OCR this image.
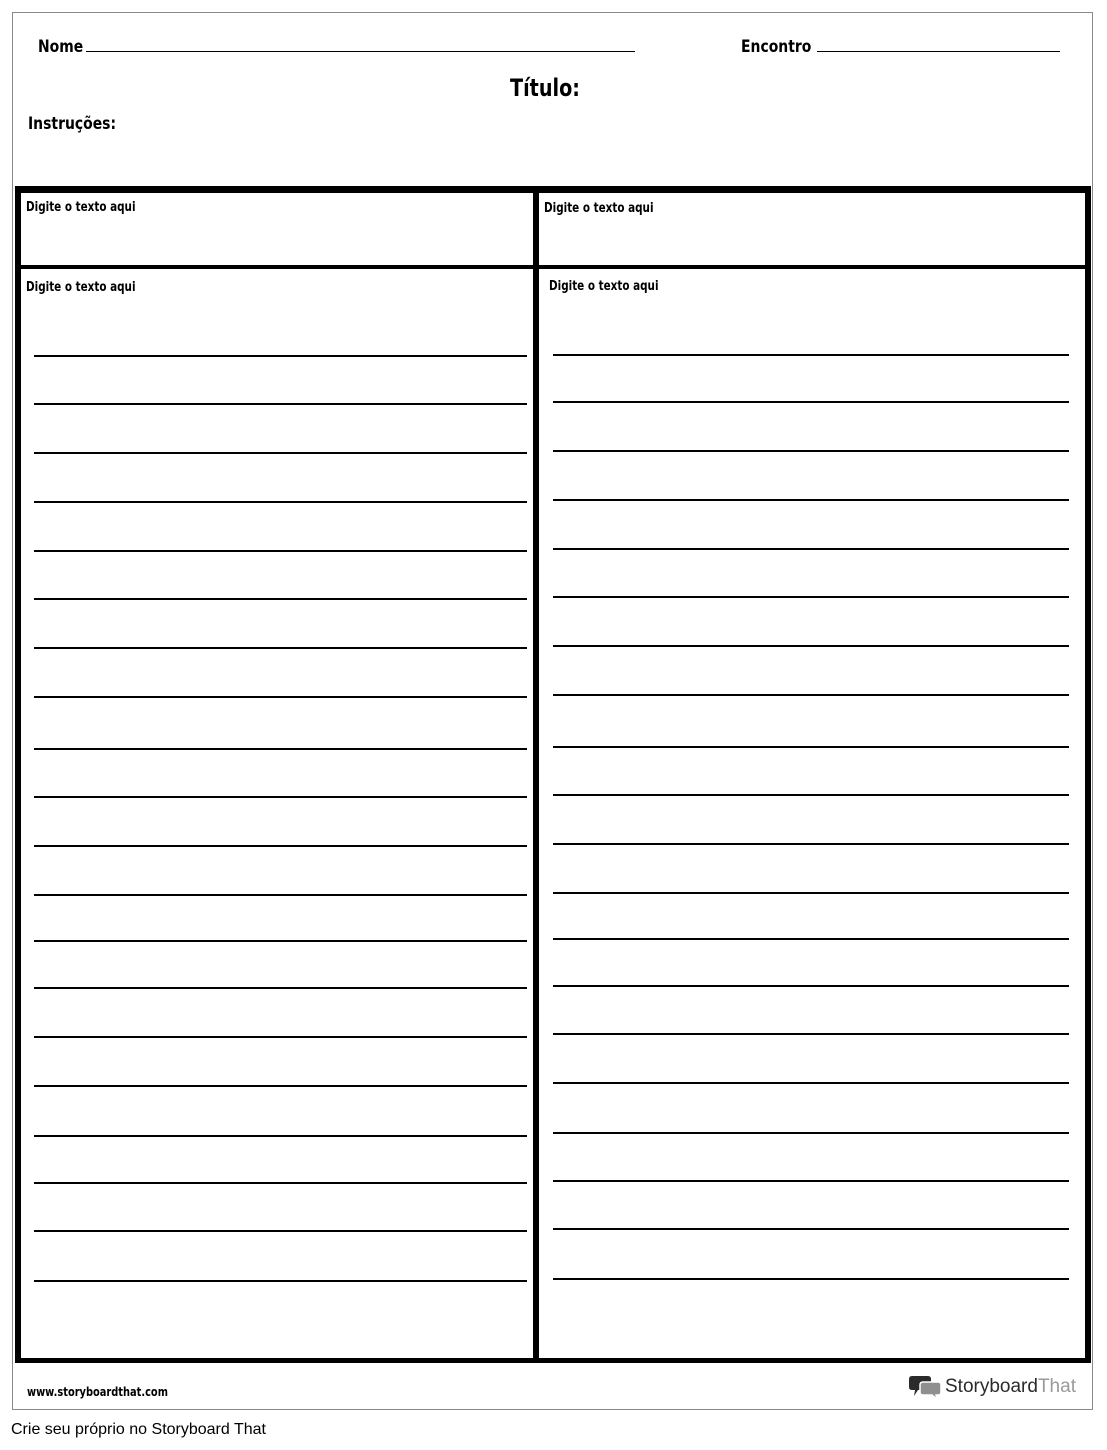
Nome	Encontro
Título:
Instruções:
Digite o texto aqui	Digite o texto aqui
Digite o texto aqui	Digite o texto aqui
www.storyboardthat.com	StoryboardThat
Crie seu próprio no Storyboard That
